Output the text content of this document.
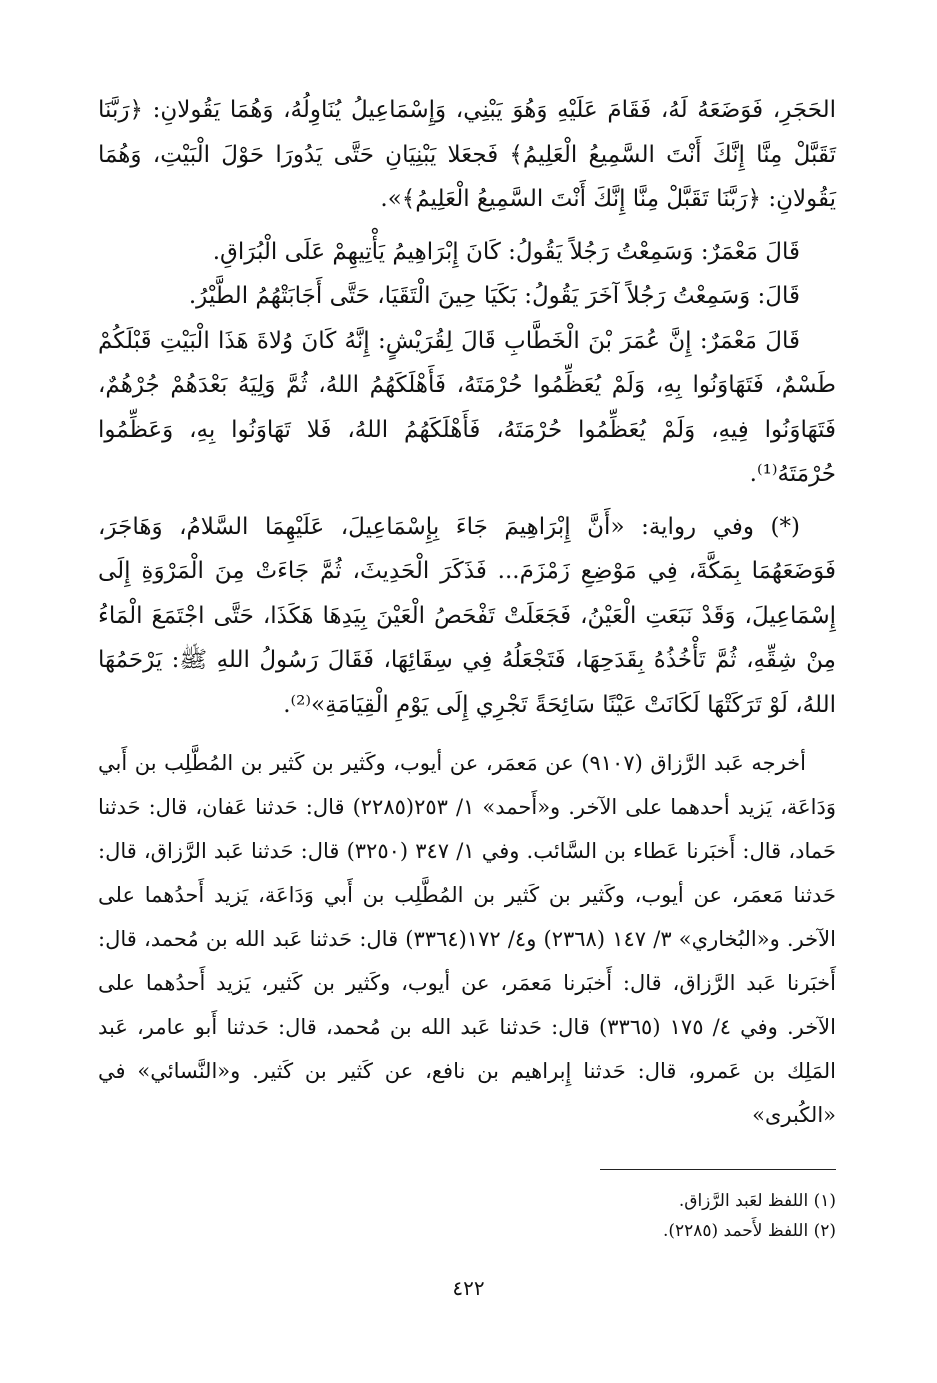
الحَجَرِ، فَوَضَعَهُ لَهُ، فَقَامَ عَلَيْهِ وَهُوَ يَبْنِي، وَإِسْمَاعِيلُ يُنَاوِلُهُ، وَهُمَا يَقُولانِ: ﴿رَبَّنَا تَقَبَّلْ مِنَّا إِنَّكَ أَنْتَ السَّمِيعُ الْعَلِيمُ﴾ فَجعَلا يَبْنِيَانِ حَتَّى يَدُورَا حَوْلَ الْبَيْتِ، وَهُمَا يَقُولانِ: ﴿رَبَّنَا تَقَبَّلْ مِنَّا إِنَّكَ أَنْتَ السَّمِيعُ الْعَلِيمُ﴾».

قَالَ مَعْمَرٌ: وَسَمِعْتُ رَجُلاً يَقُولُ: كَانَ إِبْرَاهِيمُ يَأْتِيهِمْ عَلَى الْبُرَاقِ.

قَالَ: وَسَمِعْتُ رَجُلاً آخَرَ يَقُولُ: بَكَيَا حِينَ الْتَقَيَا، حَتَّى أَجَابَتْهُمُ الطَّيْرُ.

قَالَ مَعْمَرٌ: إِنَّ عُمَرَ بْنَ الْخَطَّابِ قَالَ لِقُرَيْشٍ: إِنَّهُ كَانَ وُلاةَ هَذَا الْبَيْتِ قَبْلَكُمْ طَسْمٌ، فَتَهَاوَنُوا بِهِ، وَلَمْ يُعَظِّمُوا حُرْمَتَهُ، فَأَهْلَكَهُمُ اللهُ، ثُمَّ وَلِيَهُ بَعْدَهُمْ جُرْهُمٌ، فَتَهَاوَنُوا فِيهِ، وَلَمْ يُعَظِّمُوا حُرْمَتَهُ، فَأَهْلَكَهُمُ اللهُ، فَلا تَهَاوَنُوا بِهِ، وَعَظِّمُوا حُرْمَتَهُ⁽¹⁾.

(*) وفي رواية: «أَنَّ إِبْرَاهِيمَ جَاءَ بِإِسْمَاعِيلَ، عَلَيْهِمَا السَّلامُ، وَهَاجَرَ، فَوَضَعَهُمَا بِمَكَّةَ، فِي مَوْضِعِ زَمْزَمَ... فَذَكَرَ الْحَدِيثَ، ثُمَّ جَاءَتْ مِنَ الْمَرْوَةِ إِلَى إِسْمَاعِيلَ، وَقَدْ نَبَعَتِ الْعَيْنُ، فَجَعَلَتْ تَفْحَصُ الْعَيْنَ بِيَدِهَا هَكَذَا، حَتَّى اجْتَمَعَ الْمَاءُ مِنْ شِقِّهِ، ثُمَّ تَأْخُذُهُ بِقَدَحِهَا، فَتَجْعَلُهُ فِي سِقَائِهَا، فَقَالَ رَسُولُ اللهِ ﷺ: يَرْحَمُهَا اللهُ، لَوْ تَرَكَتْهَا لَكَانَتْ عَيْنًا سَائِحَةً تَجْرِي إِلَى يَوْمِ الْقِيَامَةِ»⁽²⁾.

أخرجه عَبد الرَّزاق (٩١٠٧) عن مَعمَر، عن أيوب، وكَثير بن كَثير بن المُطَّلِب بن أَبي وَدَاعَة، يَزيد أحدهما على الآخر. و«أَحمد» ١/ ٢٥٣(٢٢٨٥) قال: حَدثنا عَفان، قال: حَدثنا حَماد، قال: أَخبَرنا عَطاء بن السَّائب. وفي ١/ ٣٤٧ (٣٢٥٠) قال: حَدثنا عَبد الرَّزاق، قال: حَدثنا مَعمَر، عن أيوب، وكَثير بن كَثير بن المُطَّلِب بن أَبي وَدَاعَة، يَزيد أَحدُهما على الآخر. و«البُخاري» ٣/ ١٤٧ (٢٣٦٨) و٤/ ١٧٢(٣٣٦٤) قال: حَدثنا عَبد الله بن مُحمد، قال: أَخبَرنا عَبد الرَّزاق، قال: أَخبَرنا مَعمَر، عن أيوب، وكَثير بن كَثير، يَزيد أَحدُهما على الآخر. وفي ٤/ ١٧٥ (٣٣٦٥) قال: حَدثنا عَبد الله بن مُحمد، قال: حَدثنا أَبو عامر، عَبد المَلِك بن عَمرو، قال: حَدثنا إِبراهيم بن نافع، عن كَثير بن كَثير. و«النَّسائي» في «الكُبرى»

(١) اللفظ لعَبد الرَّزاق.

(٢) اللفظ لأَحمد (٢٢٨٥).

٤٢٢
